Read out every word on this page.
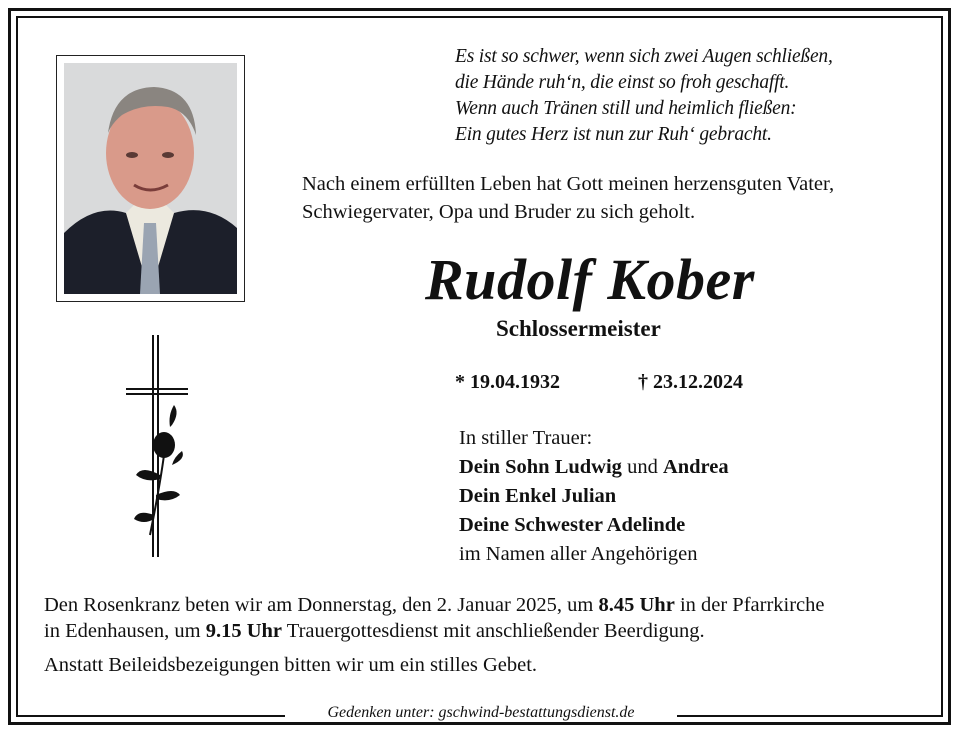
Es ist so schwer, wenn sich zwei Augen schließen,
die Hände ruh‘n, die einst so froh geschafft.
Wenn auch Tränen still und heimlich fließen:
Ein gutes Herz ist nun zur Ruh‘ gebracht.
Nach einem erfüllten Leben hat Gott meinen herzensguten Vater,
Schwiegervater, Opa und Bruder zu sich geholt.
Rudolf Kober
Schlossermeister
* 19.04.1932	† 23.12.2024
In stiller Trauer:
Dein Sohn Ludwig und Andrea
Dein Enkel Julian
Deine Schwester Adelinde
im Namen aller Angehörigen
Den Rosenkranz beten wir am Donnerstag, den 2. Januar 2025, um 8.45 Uhr in der Pfarrkirche
in Edenhausen, um 9.15 Uhr Trauergottesdienst mit anschließender Beerdigung.
Anstatt Beileidsbezeigungen bitten wir um ein stilles Gebet.
Gedenken unter: gschwind-bestattungsdienst.de
